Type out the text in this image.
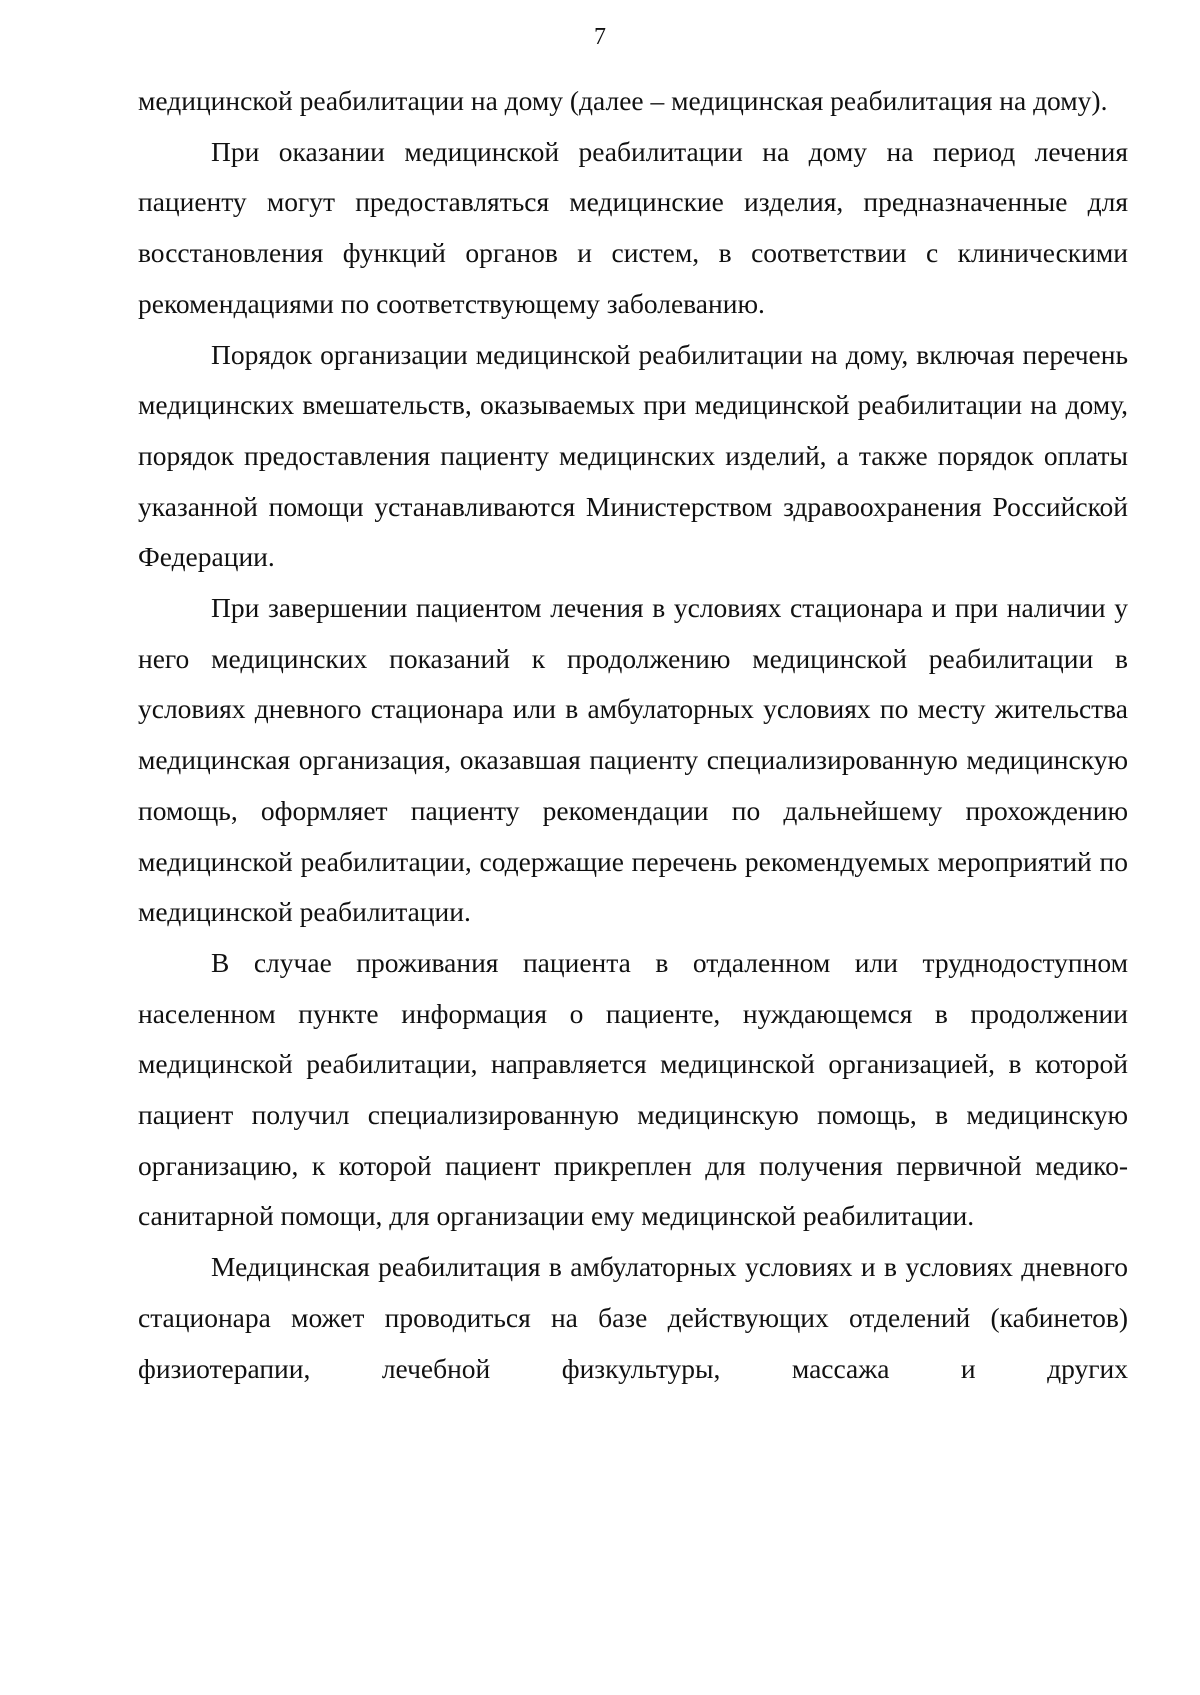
7

медицинской реабилитации на дому (далее – медицинская реабилитация на дому).

При оказании медицинской реабилитации на дому на период лечения пациенту могут предоставляться медицинские изделия, предназначенные для восстановления функций органов и систем, в соответствии с клиническими рекомендациями по соответствующему заболеванию.

Порядок организации медицинской реабилитации на дому, включая перечень медицинских вмешательств, оказываемых при медицинской реабилитации на дому, порядок предоставления пациенту медицинских изделий, а также порядок оплаты указанной помощи устанавливаются Министерством здравоохранения Российской Федерации.

При завершении пациентом лечения в условиях стационара и при наличии у него медицинских показаний к продолжению медицинской реабилитации в условиях дневного стационара или в амбулаторных условиях по месту жительства медицинская организация, оказавшая пациенту специализированную медицинскую помощь, оформляет пациенту рекомендации по дальнейшему прохождению медицинской реабилитации, содержащие перечень рекомендуемых мероприятий по медицинской реабилитации.

В случае проживания пациента в отдаленном или труднодоступном населенном пункте информация о пациенте, нуждающемся в продолжении медицинской реабилитации, направляется медицинской организацией, в которой пациент получил специализированную медицинскую помощь, в медицинскую организацию, к которой пациент прикреплен для получения первичной медико-санитарной помощи, для организации ему медицинской реабилитации.

Медицинская реабилитация в амбулаторных условиях и в условиях дневного стационара может проводиться на базе действующих отделений (кабинетов) физиотерапии, лечебной физкультуры, массажа и других
